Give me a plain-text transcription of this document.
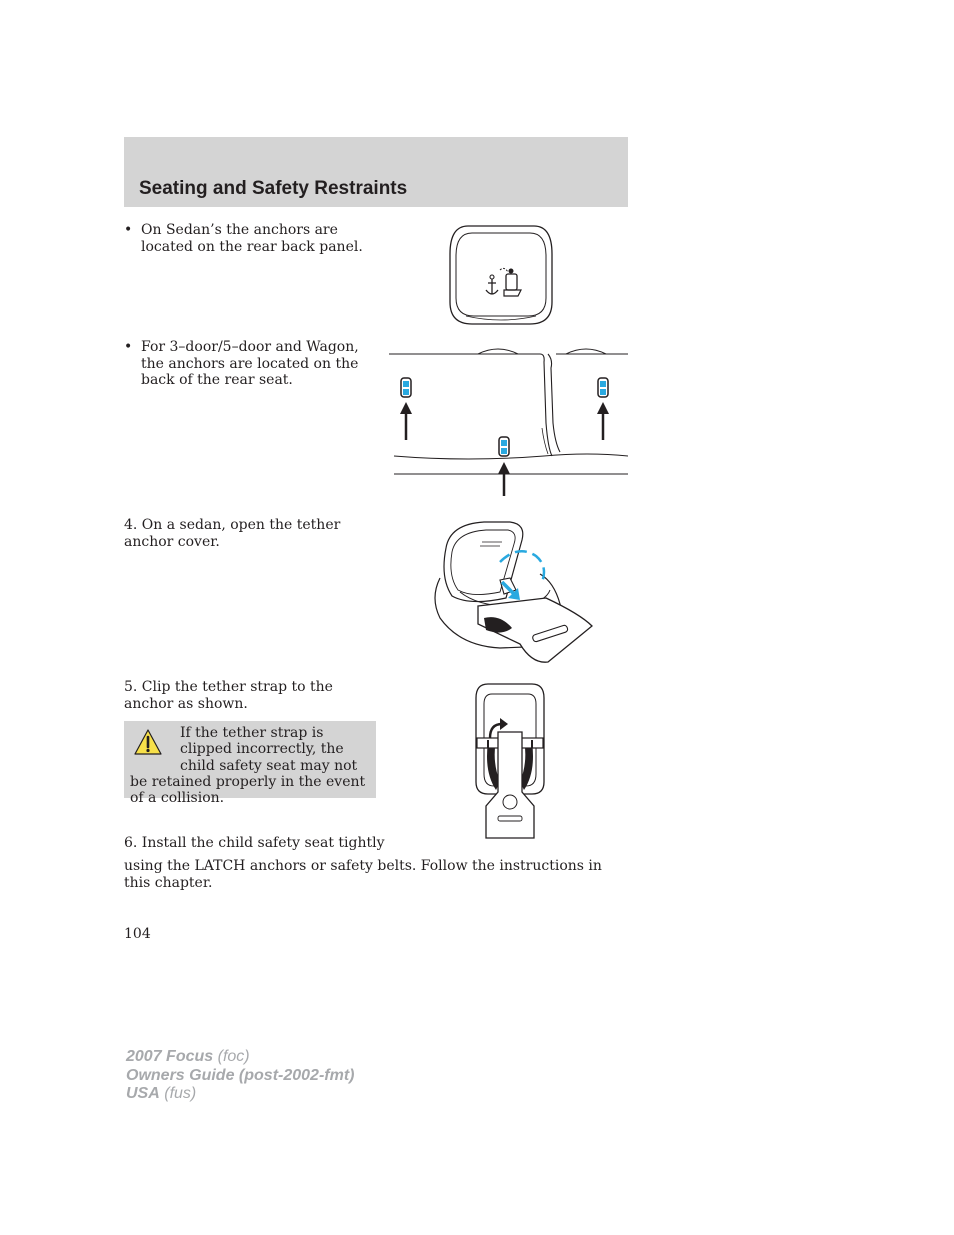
Seating and Safety Restraints
• On Sedan’s the anchors are located on the rear back panel.
• For 3–door/5–door and Wagon, the anchors are located on the back of the rear seat.
4. On a sedan, open the tether anchor cover.
5. Clip the tether strap to the anchor as shown.
If the tether strap is clipped incorrectly, the child safety seat may not be retained properly in the event of a collision.
6. Install the child safety seat tightly
using the LATCH anchors or safety belts. Follow the instructions in this chapter.
104
2007 Focus (foc)
Owners Guide (post-2002-fmt)
USA (fus)
